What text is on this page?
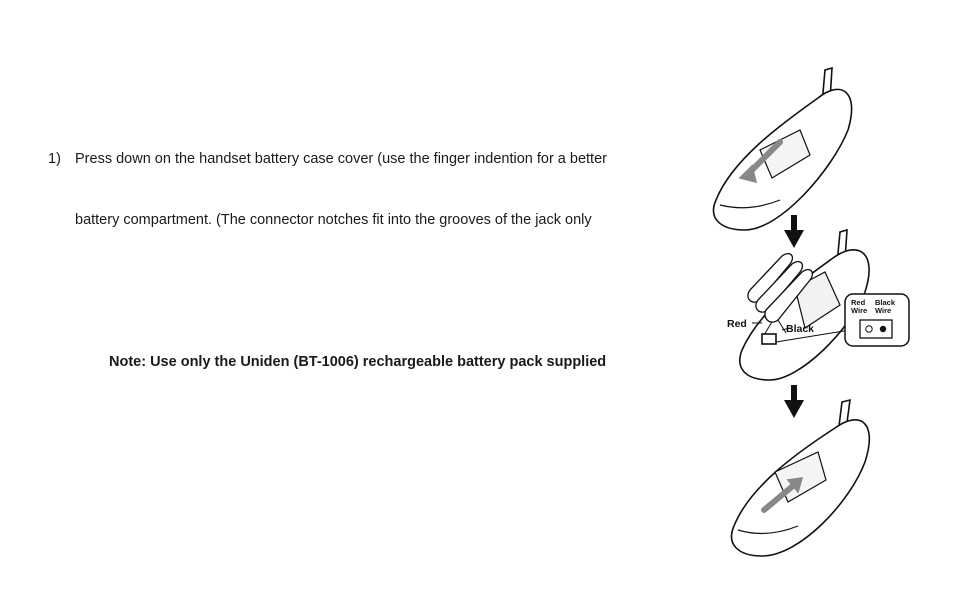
1) Press down on the handset battery case cover (use the finger indention for a better
battery compartment. (The connector notches fit into the grooves of the jack only
Note: Use only the Uniden (BT-1006) rechargeable battery pack supplied
Red	Black
Red
Wire
Black
Wire
